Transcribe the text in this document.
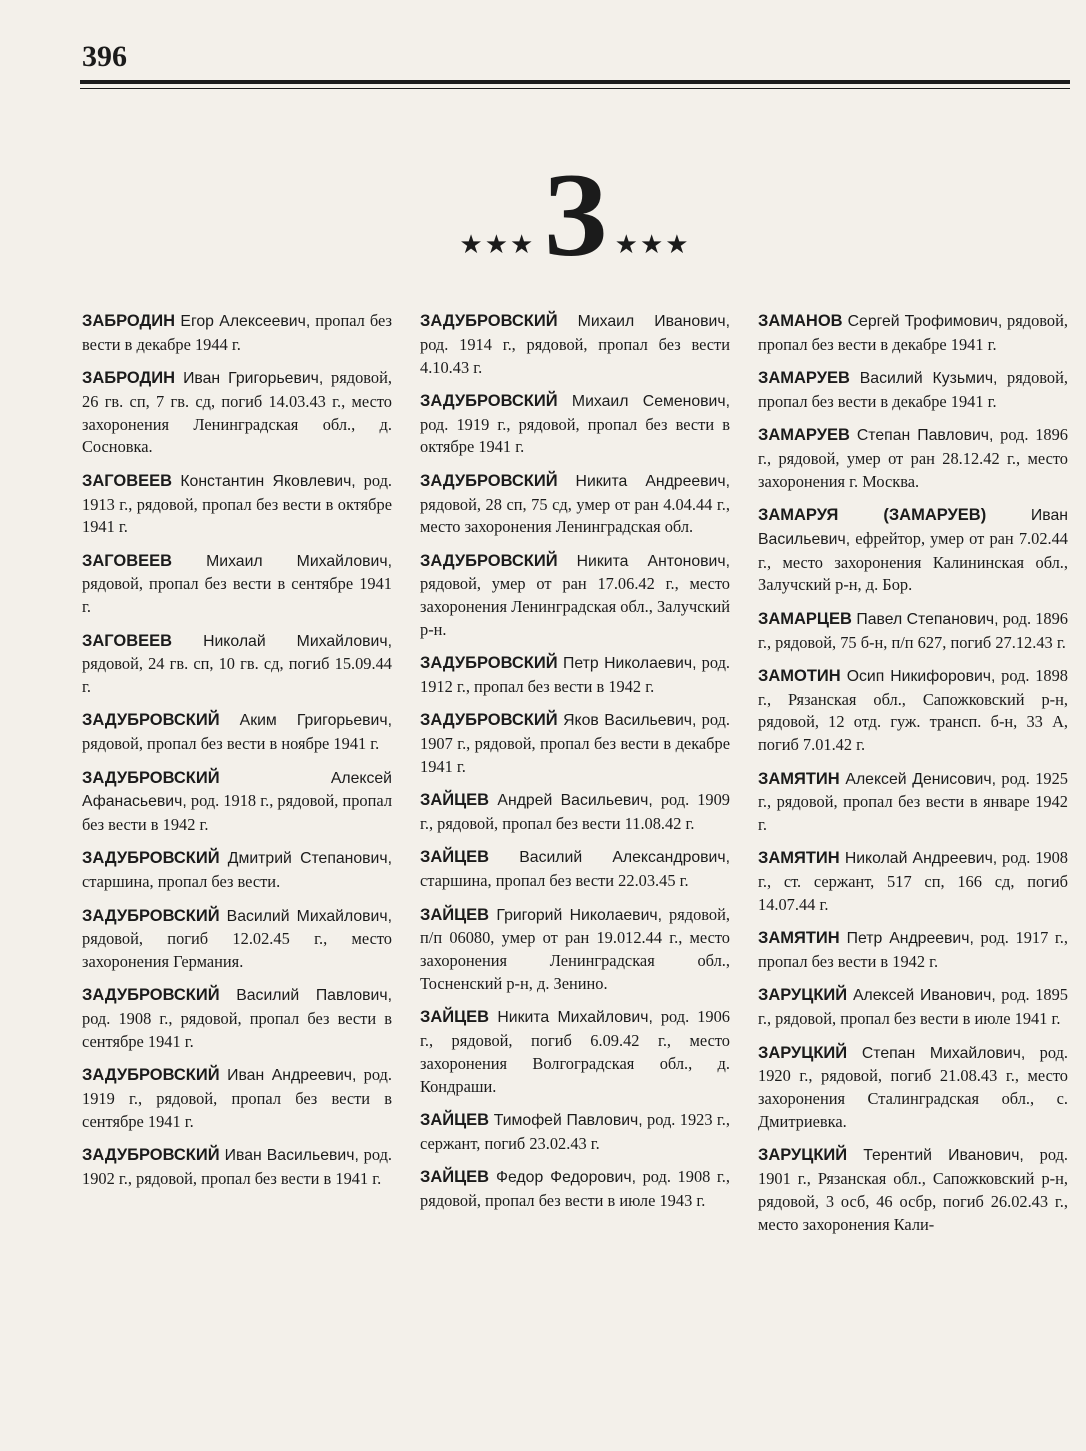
396
★★★ З ★★★

ЗАБРОДИН Егор Алексеевич, пропал без вести в декабре 1944 г.

ЗАБРОДИН Иван Григорьевич, рядовой, 26 гв. сп, 7 гв. сд, погиб 14.03.43 г., место захоронения Ленинградская обл., д. Сосновка.

ЗАГОВЕЕВ Константин Яковлевич, род. 1913 г., рядовой, пропал без вести в октябре 1941 г.

ЗАГОВЕЕВ Михаил Михайлович, рядовой, пропал без вести в сентябре 1941 г.

ЗАГОВЕЕВ Николай Михайлович, рядовой, 24 гв. сп, 10 гв. сд, погиб 15.09.44 г.

ЗАДУБРОВСКИЙ Аким Григорьевич, рядовой, пропал без вести в ноябре 1941 г.

ЗАДУБРОВСКИЙ Алексей Афанасьевич, род. 1918 г., рядовой, пропал без вести в 1942 г.

ЗАДУБРОВСКИЙ Дмитрий Степанович, старшина, пропал без вести.

ЗАДУБРОВСКИЙ Василий Михайлович, рядовой, погиб 12.02.45 г., место захоронения Германия.

ЗАДУБРОВСКИЙ Василий Павлович, род. 1908 г., рядовой, пропал без вести в сентябре 1941 г.

ЗАДУБРОВСКИЙ Иван Андреевич, род. 1919 г., рядовой, пропал без вести в сентябре 1941 г.

ЗАДУБРОВСКИЙ Иван Васильевич, род. 1902 г., рядовой, пропал без вести в 1941 г.

ЗАДУБРОВСКИЙ Михаил Иванович, род. 1914 г., рядовой, пропал без вести 4.10.43 г.

ЗАДУБРОВСКИЙ Михаил Семенович, род. 1919 г., рядовой, пропал без вести в октябре 1941 г.

ЗАДУБРОВСКИЙ Никита Андреевич, рядовой, 28 сп, 75 сд, умер от ран 4.04.44 г., место захоронения Ленинградская обл.

ЗАДУБРОВСКИЙ Никита Антонович, рядовой, умер от ран 17.06.42 г., место захоронения Ленинградская обл., Залучский р-н.

ЗАДУБРОВСКИЙ Петр Николаевич, род. 1912 г., пропал без вести в 1942 г.

ЗАДУБРОВСКИЙ Яков Васильевич, род. 1907 г., рядовой, пропал без вести в декабре 1941 г.

ЗАЙЦЕВ Андрей Васильевич, род. 1909 г., рядовой, пропал без вести 11.08.42 г.

ЗАЙЦЕВ Василий Александрович, старшина, пропал без вести 22.03.45 г.

ЗАЙЦЕВ Григорий Николаевич, рядовой, п/п 06080, умер от ран 19.012.44 г., место захоронения Ленинградская обл., Тосненский р-н, д. Зенино.

ЗАЙЦЕВ Никита Михайлович, род. 1906 г., рядовой, погиб 6.09.42 г., место захоронения Волгоградская обл., д. Кондраши.

ЗАЙЦЕВ Тимофей Павлович, род. 1923 г., сержант, погиб 23.02.43 г.

ЗАЙЦЕВ Федор Федорович, род. 1908 г., рядовой, пропал без вести в июле 1943 г.

ЗАМАНОВ Сергей Трофимович, рядовой, пропал без вести в декабре 1941 г.

ЗАМАРУЕВ Василий Кузьмич, рядовой, пропал без вести в декабре 1941 г.

ЗАМАРУЕВ Степан Павлович, род. 1896 г., рядовой, умер от ран 28.12.42 г., место захоронения г. Москва.

ЗАМАРУЯ (ЗАМАРУЕВ) Иван Васильевич, ефрейтор, умер от ран 7.02.44 г., место захоронения Калининская обл., Залучский р-н, д. Бор.

ЗАМАРЦЕВ Павел Степанович, род. 1896 г., рядовой, 75 б-н, п/п 627, погиб 27.12.43 г.

ЗАМОТИН Осип Никифорович, род. 1898 г., Рязанская обл., Сапожковский р-н, рядовой, 12 отд. гуж. трансп. б-н, 33 А, погиб 7.01.42 г.

ЗАМЯТИН Алексей Денисович, род. 1925 г., рядовой, пропал без вести в январе 1942 г.

ЗАМЯТИН Николай Андреевич, род. 1908 г., ст. сержант, 517 сп, 166 сд, погиб 14.07.44 г.

ЗАМЯТИН Петр Андреевич, род. 1917 г., пропал без вести в 1942 г.

ЗАРУЦКИЙ Алексей Иванович, род. 1895 г., рядовой, пропал без вести в июле 1941 г.

ЗАРУЦКИЙ Степан Михайлович, род. 1920 г., рядовой, погиб 21.08.43 г., место захоронения Сталинградская обл., с. Дмитриевка.

ЗАРУЦКИЙ Терентий Иванович, род. 1901 г., Рязанская обл., Сапожковский р-н, рядовой, 3 осб, 46 осбр, погиб 26.02.43 г., место захоронения Кали-
